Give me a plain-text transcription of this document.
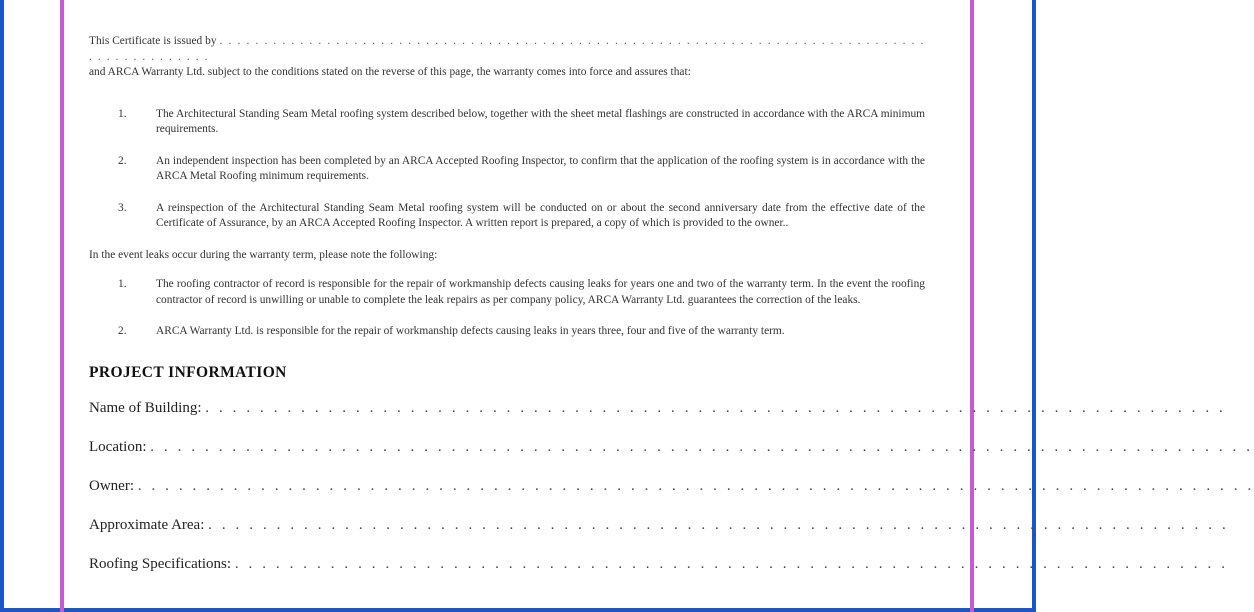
This Certificate is issued by . . . . . . . . . . . . . . . . . . . . . . . . . . . . . . . . . . . . . . . . . . . . . . . . . . . . . . . . . . . . . . . . . . . . . . . . . . . . . . . . . . . . . . . . . . . . .

and ARCA Warranty Ltd. subject to the conditions stated on the reverse of this page, the warranty comes into force and assures that:

1.	The Architectural Standing Seam Metal roofing system described below, together with the sheet metal flashings are constructed in accordance with the ARCA minimum requirements.
2.	An independent inspection has been completed by an ARCA Accepted Roofing Inspector, to confirm that the application of the roofing system is in accordance with the ARCA Metal Roofing minimum requirements.
3.	A reinspection of the Architectural Standing Seam Metal roofing system will be conducted on or about the second anniversary date from the effective date of the Certificate of Assurance, by an ARCA Accepted Roofing Inspector. A written report is prepared, a copy of which is provided to the owner..

In the event leaks occur during the warranty term, please note the following:

1.	The roofing contractor of record is responsible for the repair of workmanship defects causing leaks for years one and two of the warranty term. In the event the roofing contractor of record is unwilling or unable to complete the leak repairs as per company policy, ARCA Warranty Ltd. guarantees the correction of the leaks.
2.	ARCA Warranty Ltd. is responsible for the repair of workmanship defects causing leaks in years three, four and five of the warranty term.
PROJECT INFORMATION
Name of Building: . . . . . . . . . . . . . . . . . . . . . . . . . . . . . . . . . . . . . . . . . . . . . . . . . . . . . . . . . . . . . . . . . . . . . . . . . . .
Location: . . . . . . . . . . . . . . . . . . . . . . . . . . . . . . . . . . . . . . . . . . . . . . . . . . . . . . . . . . . . . . . . . . . . . . . . . . . . . . . . .
Owner: . . . . . . . . . . . . . . . . . . . . . . . . . . . . . . . . . . . . . . . . . . . . . . . . . . . . . . . . . . . . . . . . . . . . . . . . . . . . . . . . . .
Approximate Area: . . . . . . . . . . . . . . . . . . . . . . . . . . . . . . . . . . . . . . . . . . . . . . . . . . . . . . . . . . . . . . . . . . . . . . . . . . .
Roofing Specifications: . . . . . . . . . . . . . . . . . . . . . . . . . . . . . . . . . . . . . . . . . . . . . . . . . . . . . . . . . . . . . . . . . . . . . . . . .
